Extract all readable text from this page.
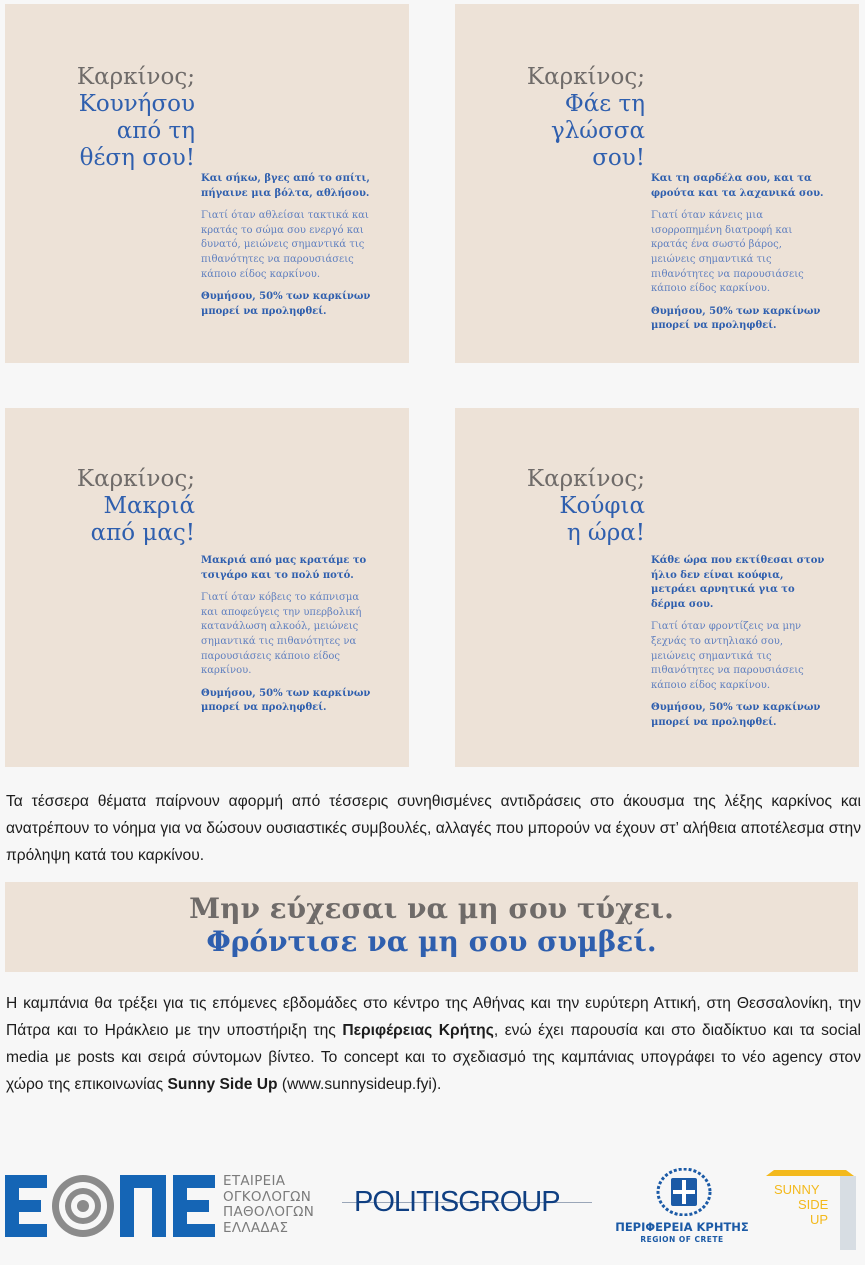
Καρκίνος;
Κουνήσου
από τη
θέση σου!

Και σήκω, βγες από το σπίτι, πήγαινε μια βόλτα, αθλήσου.

Γιατί όταν αθλείσαι τακτικά και κρατάς το σώμα σου ενεργό και δυνατό, μειώνεις σημαντικά τις πιθανότητες να παρουσιάσεις κάποιο είδος καρκίνου.

Θυμήσου, 50% των καρκίνων μπορεί να προληφθεί.

Καρκίνος;
Φάε τη
γλώσσα
σου!

Και τη σαρδέλα σου, και τα φρούτα και τα λαχανικά σου.

Γιατί όταν κάνεις μια ισορροπημένη διατροφή και κρατάς ένα σωστό βάρος, μειώνεις σημαντικά τις πιθανότητες να παρουσιάσεις κάποιο είδος καρκίνου.

Θυμήσου, 50% των καρκίνων μπορεί να προληφθεί.

Καρκίνος;
Μακριά
από μας!

Μακριά από μας κρατάμε το τσιγάρο και το πολύ ποτό.

Γιατί όταν κόβεις το κάπνισμα και αποφεύγεις την υπερβολική κατανάλωση αλκοόλ, μειώνεις σημαντικά τις πιθανότητες να παρουσιάσεις κάποιο είδος καρκίνου.

Θυμήσου, 50% των καρκίνων μπορεί να προληφθεί.

Καρκίνος;
Κούφια
η ώρα!

Κάθε ώρα που εκτίθεσαι στον ήλιο δεν είναι κούφια, μετράει αρνητικά για το δέρμα σου.

Γιατί όταν φροντίζεις να μην ξεχνάς το αντηλιακό σου, μειώνεις σημαντικά τις πιθανότητες να παρουσιάσεις κάποιο είδος καρκίνου.

Θυμήσου, 50% των καρκίνων μπορεί να προληφθεί.

Τα τέσσερα θέματα παίρνουν αφορμή από τέσσερις συνηθισμένες αντιδράσεις στο άκουσμα της λέξης καρκίνος και ανατρέπουν το νόημα για να δώσουν ουσιαστικές συμβουλές, αλλαγές που μπορούν να έχουν στ’ αλήθεια αποτέλεσμα στην πρόληψη κατά του καρκίνου.

Μην εύχεσαι να μη σου τύχει.
Φρόντισε να μη σου συμβεί.

Η καμπάνια θα τρέξει για τις επόμενες εβδομάδες στο κέντρο της Αθήνας και την ευρύτερη Αττική, στη Θεσσαλονίκη, την Πάτρα και το Ηράκλειο με την υποστήριξη της Περιφέρειας Κρήτης, ενώ έχει παρουσία και στο διαδίκτυο και τα social media με posts και σειρά σύντομων βίντεο. Το concept και το σχεδιασμό της καμπάνιας υπογράφει το νέο agency στον χώρο της επικοινωνίας Sunny Side Up (www.sunnysideup.fyi).

ΕΤΑΙΡΕΙΑ
ΟΓΚΟΛΟΓΩΝ
ΠΑΘΟΛΟΓΩΝ
ΕΛΛΑΔΑΣ
POLITISGROUP
ΠΕΡΙΦΕΡΕΙΑ ΚΡΗΤΗΣ
REGION OF CRETE
SUNNY
SIDE
UP
